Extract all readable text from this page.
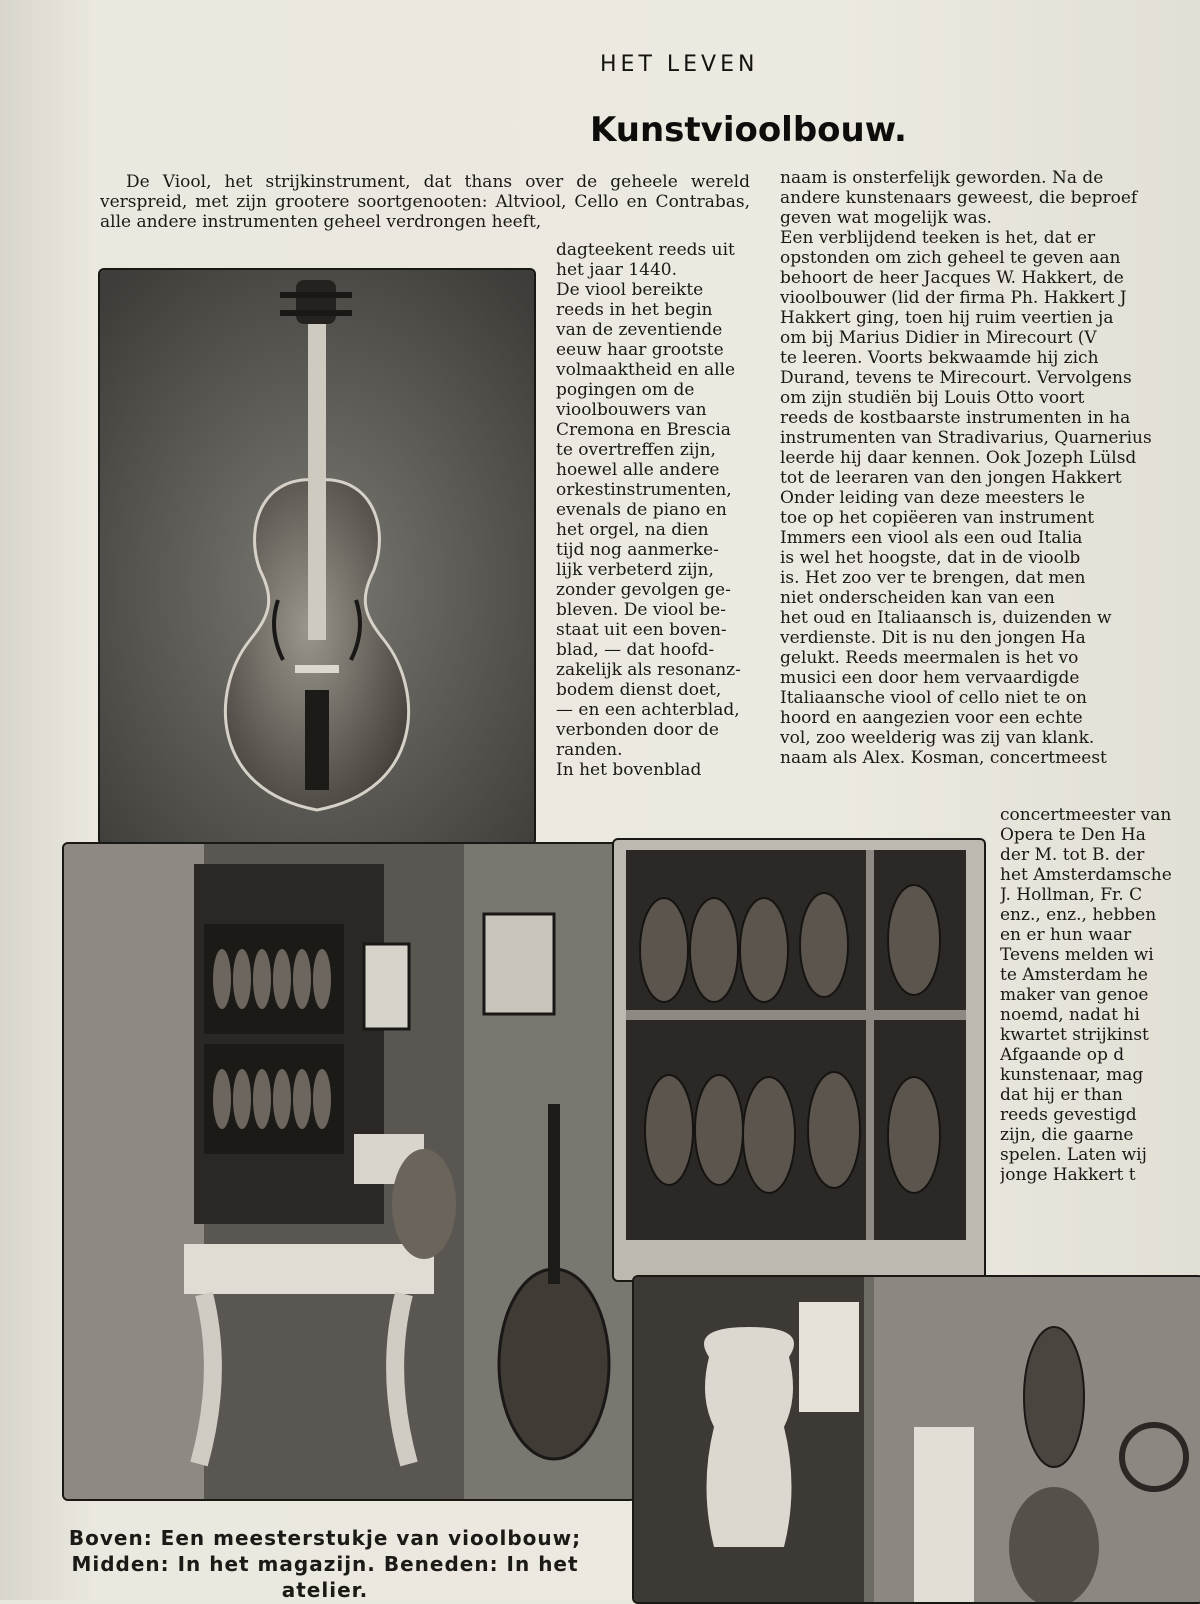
HET LEVEN
Kunstvioolbouw.
De Viool, het strijkinstrument, dat thans over de geheele wereld verspreid, met zijn grootere soortgenooten: Altviool, Cello en Contrabas, alle andere instrumenten geheel verdrongen heeft,
dagteekent reeds uit
het jaar 1440.
De viool bereikte
reeds in het begin
van de zeventiende
eeuw haar grootste
volmaaktheid en alle
pogingen om de
vioolbouwers van
Cremona en Brescia
te overtreffen zijn,
hoewel alle andere
orkestinstrumenten,
evenals de piano en
het orgel, na dien
tijd nog aanmerke-
lijk verbeterd zijn,
zonder gevolgen ge-
bleven. De viool be-
staat uit een boven-
blad, — dat hoofd-
zakelijk als resonanz-
bodem dienst doet,
— en een achterblad,
verbonden door de
randen.
In het bovenblad
naam is onsterfelijk geworden. Na de
andere kunstenaars geweest, die beproef
geven wat mogelijk was.
Een verblijdend teeken is het, dat er
opstonden om zich geheel te geven aan
behoort de heer Jacques W. Hakkert, de
vioolbouwer (lid der firma Ph. Hakkert J
Hakkert ging, toen hij ruim veertien ja
om bij Marius Didier in Mirecourt (V
te leeren. Voorts bekwaamde hij zich
Durand, tevens te Mirecourt. Vervolgens
om zijn studiën bij Louis Otto voort
reeds de kostbaarste instrumenten in ha
instrumenten van Stradivarius, Quarnerius
leerde hij daar kennen. Ook Jozeph Lülsd
tot de leeraren van den jongen Hakkert
Onder leiding van deze meesters le
toe op het copiëeren van instrument
Immers een viool als een oud Italia
is wel het hoogste, dat in de vioolb
is. Het zoo ver te brengen, dat men
niet onderscheiden kan van een
het oud en Italiaansch is, duizenden w
verdienste. Dit is nu den jongen Ha
gelukt. Reeds meermalen is het vo
musici een door hem vervaardigde
Italiaansche viool of cello niet te on
hoord en aangezien voor een echte
vol, zoo weelderig was zij van klank.
naam als Alex. Kosman, concertmeest
concertmeester van
Opera te Den Ha
der M. tot B. der
het Amsterdamsche
J. Hollman, Fr. C
enz., enz., hebben
en er hun waar
Tevens melden wi
te Amsterdam he
maker van genoe
noemd, nadat hi
kwartet strijkinst
Afgaande op d
kunstenaar, mag
dat hij er than
reeds gevestigd
zijn, die gaarne
spelen. Laten wij
jonge Hakkert t
Boven: Een meesterstukje van vioolbouw; Midden: In het magazijn. Beneden: In het atelier.
